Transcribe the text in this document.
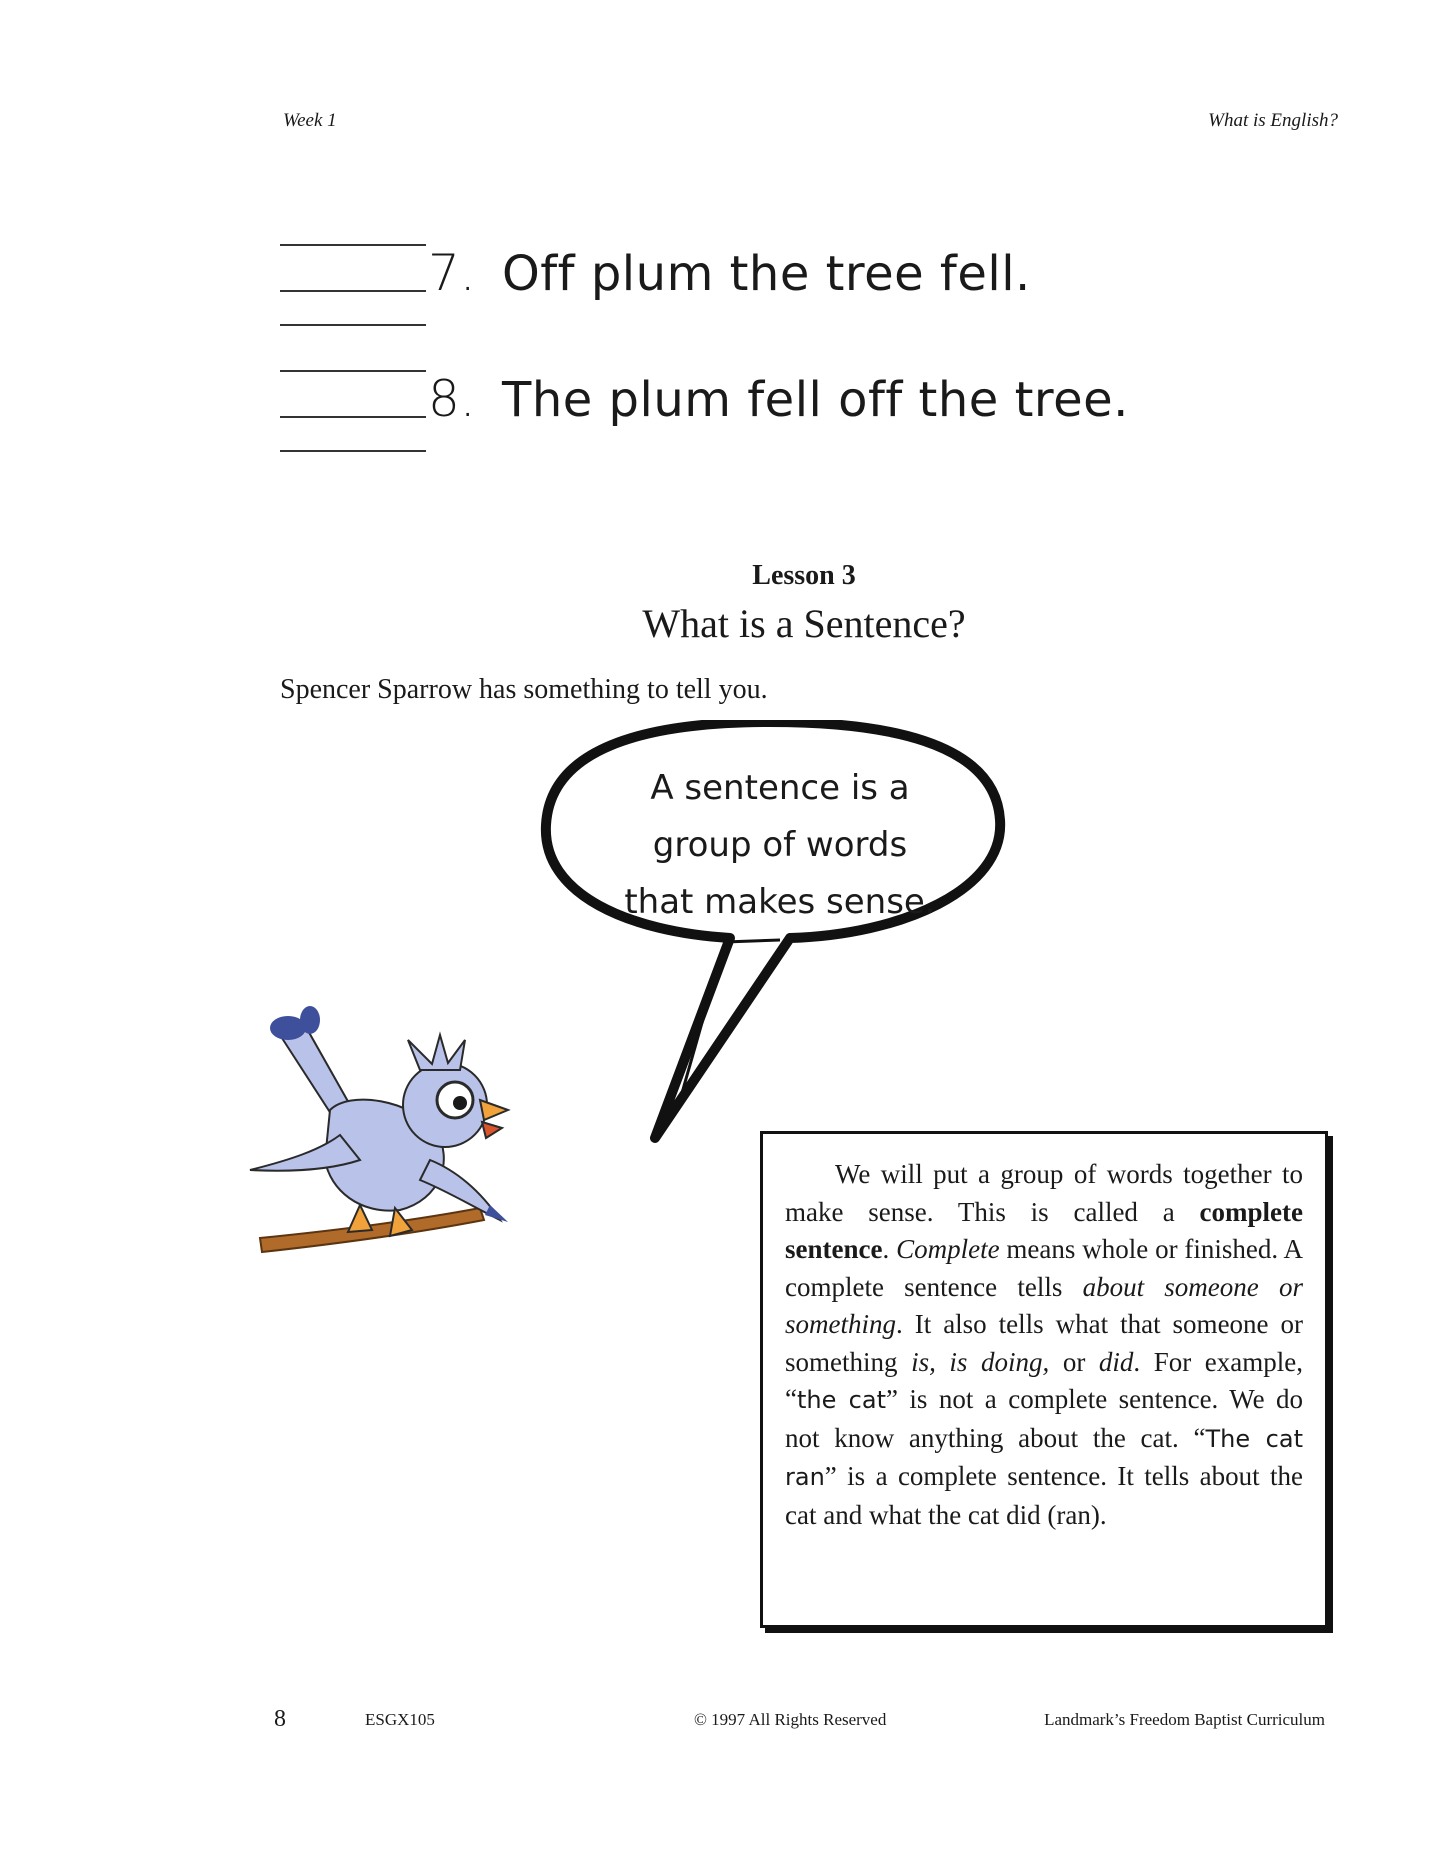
Week 1	What is English?
7. Off plum the tree fell.
8. The plum fell off the tree.
Lesson 3
What is a Sentence?
Spencer Sparrow has something to tell you.
A sentence is a
group of words
that makes sense.

We will put a group of words together to make sense. This is called a complete sentence. Complete means whole or finished. A complete sentence tells about someone or something. It also tells what that someone or something is, is doing, or did. For example, “the cat” is not a complete sentence. We do not know anything about the cat. “The cat ran” is a complete sentence. It tells about the cat and what the cat did (ran).

8	ESGX105	© 1997 All Rights Reserved	Landmark’s Freedom Baptist Curriculum
